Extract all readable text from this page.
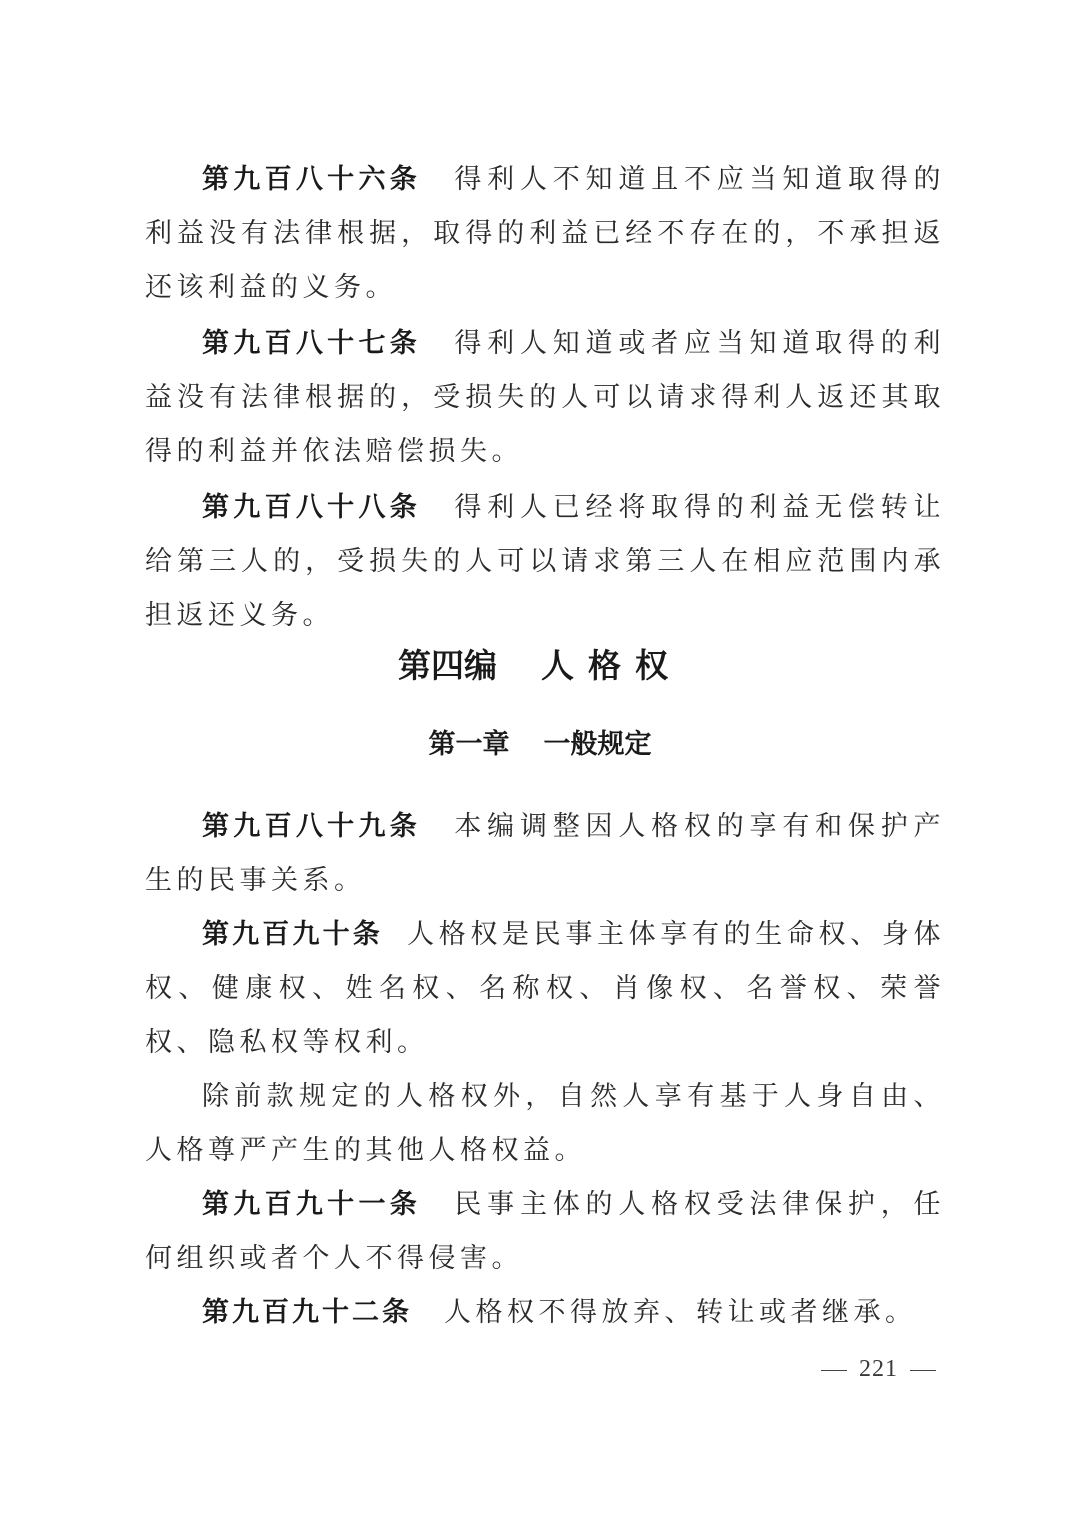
第九百八十六条 得利人不知道且不应当知道取得的利益没有法律根据，取得的利益已经不存在的，不承担返还该利益的义务。

第九百八十七条 得利人知道或者应当知道取得的利益没有法律根据的，受损失的人可以请求得利人返还其取得的利益并依法赔偿损失。

第九百八十八条 得利人已经将取得的利益无偿转让给第三人的，受损失的人可以请求第三人在相应范围内承担返还义务。

第四编 人格权
第一章 一般规定

第九百八十九条 本编调整因人格权的享有和保护产生的民事关系。

第九百九十条 人格权是民事主体享有的生命权、身体权、健康权、姓名权、名称权、肖像权、名誉权、荣誉权、隐私权等权利。

除前款规定的人格权外，自然人享有基于人身自由、人格尊严产生的其他人格权益。

第九百九十一条 民事主体的人格权受法律保护，任何组织或者个人不得侵害。

第九百九十二条 人格权不得放弃、转让或者继承。

221
